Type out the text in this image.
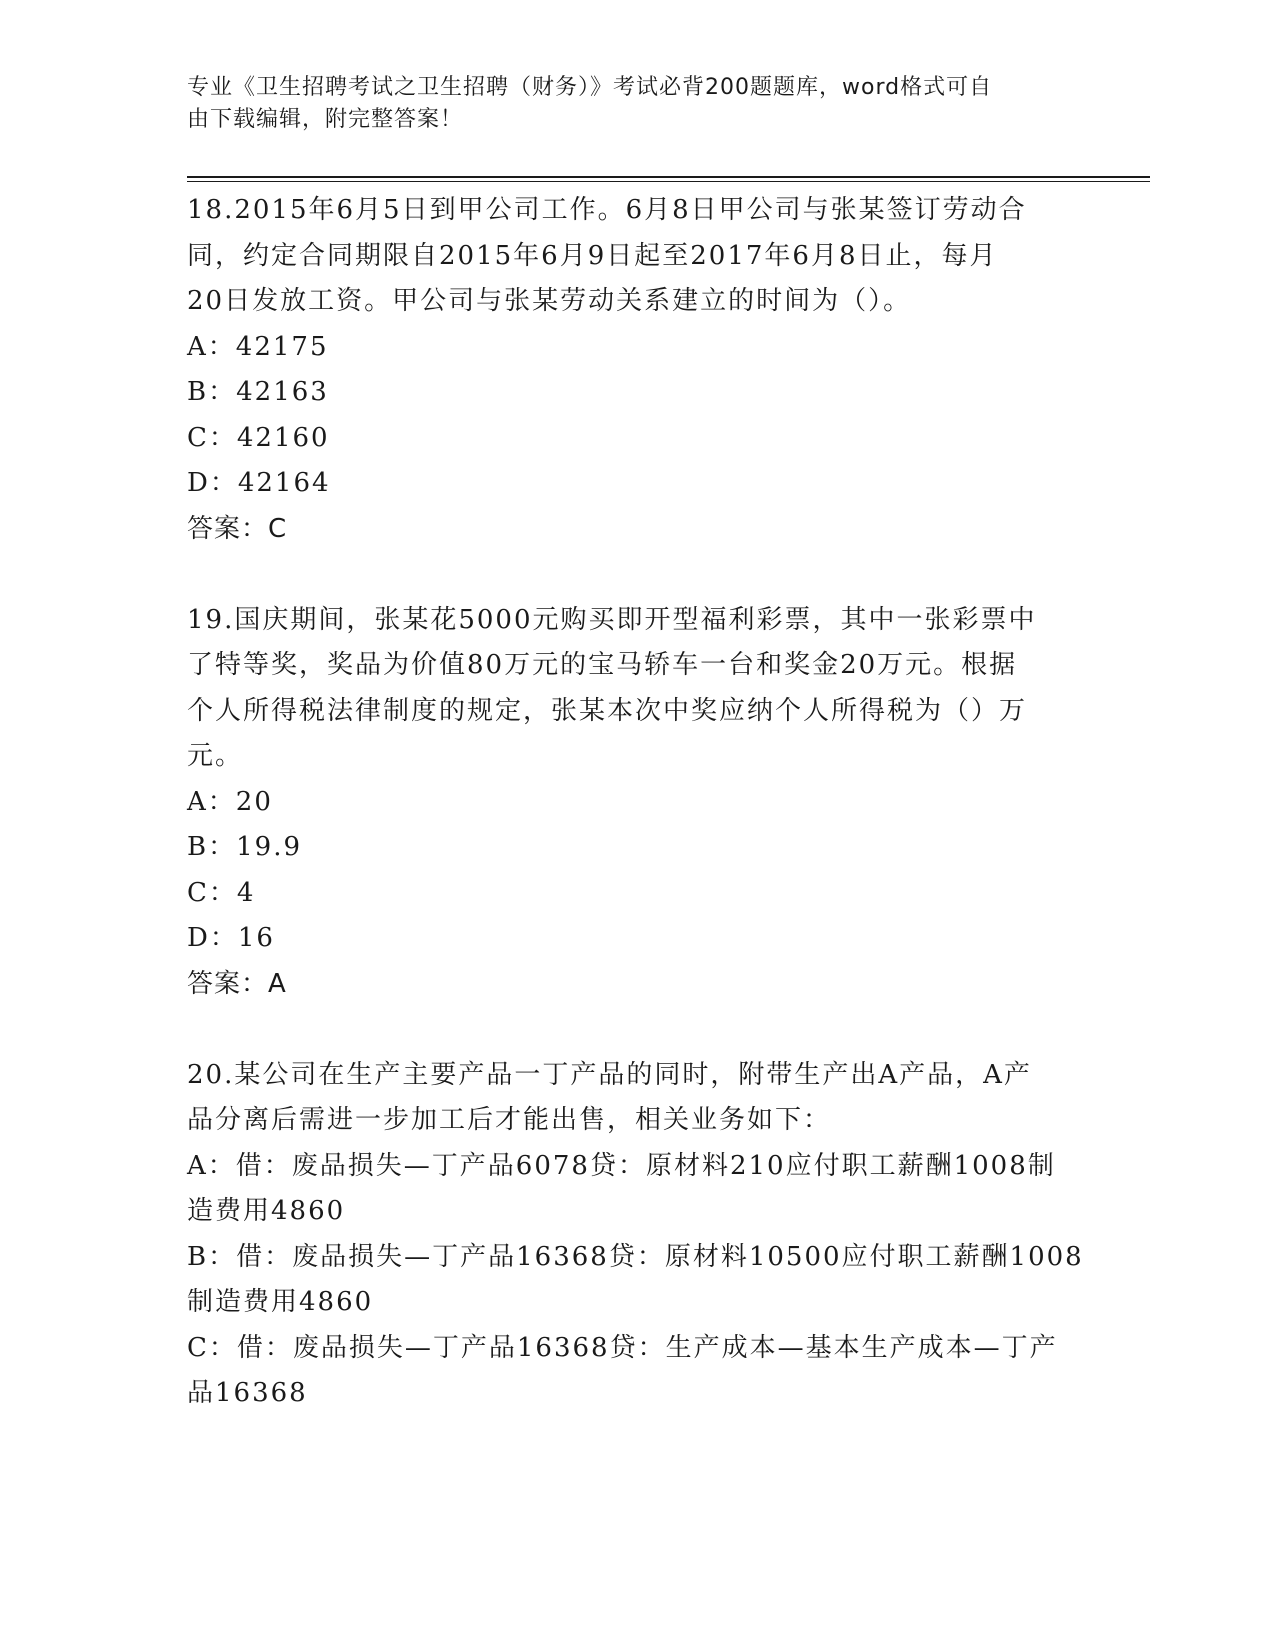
专业《卫生招聘考试之卫生招聘（财务）》考试必背200题题库，word格式可自
由下载编辑，附完整答案！

18.2015年6月5日到甲公司工作。6月8日甲公司与张某签订劳动合

同，约定合同期限自2015年6月9日起至2017年6月8日止，每月

20日发放工资。甲公司与张某劳动关系建立的时间为（）。

A：42175

B：42163

C：42160

D：42164

答案：C

19.国庆期间，张某花5000元购买即开型福利彩票，其中一张彩票中

了特等奖，奖品为价值80万元的宝马轿车一台和奖金20万元。根据

个人所得税法律制度的规定，张某本次中奖应纳个人所得税为（）万

元。

A：20

B：19.9

C：4

D：16

答案：A

20.某公司在生产主要产品一丁产品的同时，附带生产出A产品，A产

品分离后需进一步加工后才能出售，相关业务如下：

A：借：废品损失—丁产品6078贷：原材料210应付职工薪酬1008制

造费用4860

B：借：废品损失—丁产品16368贷：原材料10500应付职工薪酬1008

制造费用4860

C：借：废品损失—丁产品16368贷：生产成本—基本生产成本—丁产

品16368
